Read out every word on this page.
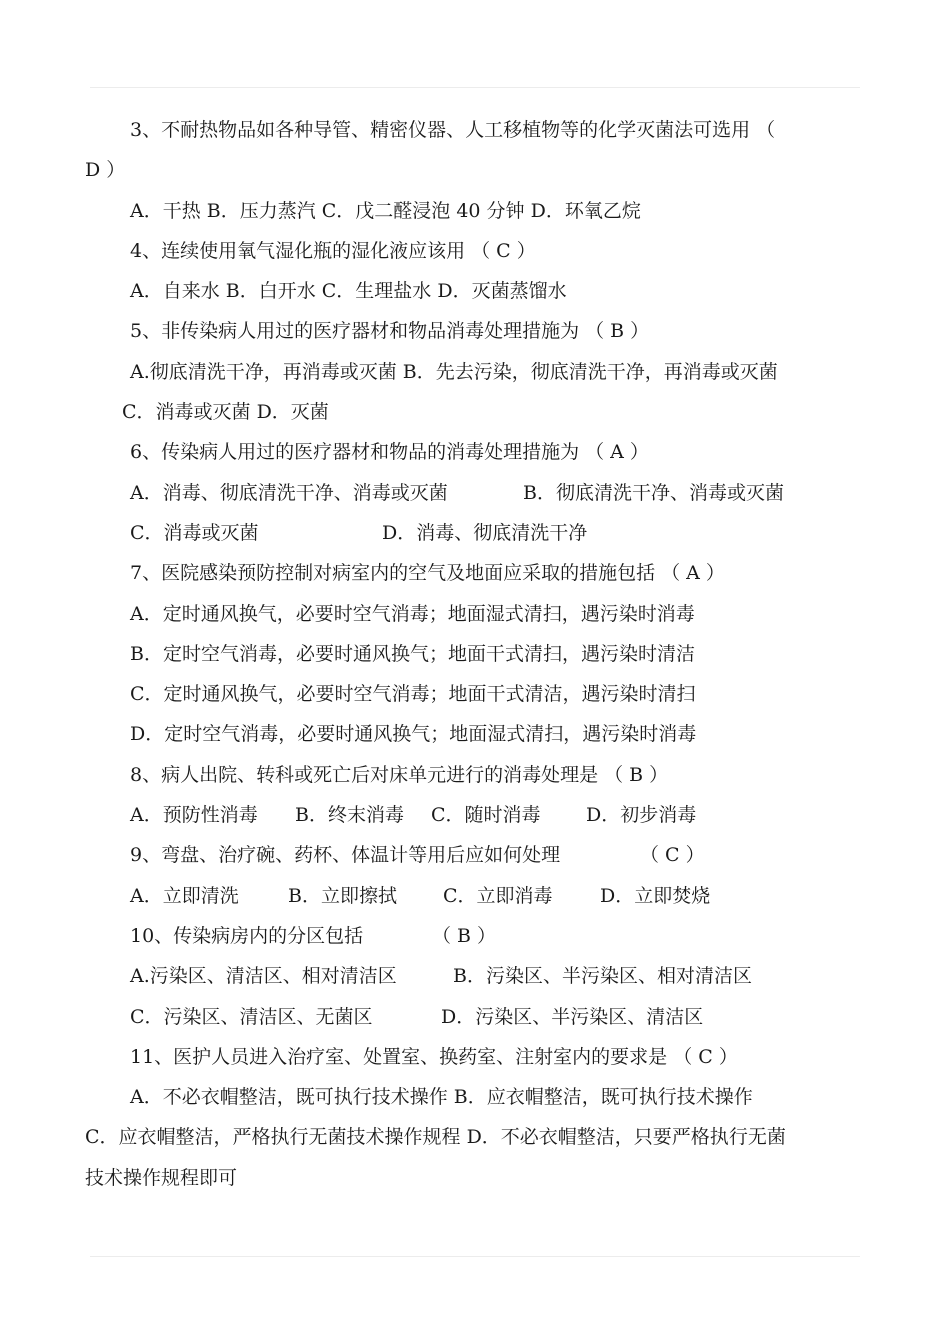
3、不耐热物品如各种导管、精密仪器、人工移植物等的化学灭菌法可选用 （
D ）
A．干热 B．压力蒸汽 C．戊二醛浸泡 40 分钟 D．环氧乙烷
4、连续使用氧气湿化瓶的湿化液应该用 （ C ）
A．自来水 B．白开水 C．生理盐水 D．灭菌蒸馏水
5、非传染病人用过的医疗器材和物品消毒处理措施为 （ B ）
A.彻底清洗干净，再消毒或灭菌 B．先去污染，彻底清洗干净，再消毒或灭菌
C．消毒或灭菌 D．灭菌
6、传染病人用过的医疗器材和物品的消毒处理措施为 （ A ）
A．消毒、彻底清洗干净、消毒或灭菌	B．彻底清洗干净、消毒或灭菌
C．消毒或灭菌	D．消毒、彻底清洗干净
7、医院感染预防控制对病室内的空气及地面应采取的措施包括 （ A ）
A．定时通风换气，必要时空气消毒；地面湿式清扫，遇污染时消毒
B．定时空气消毒，必要时通风换气；地面干式清扫，遇污染时清洁
C．定时通风换气，必要时空气消毒；地面干式清洁，遇污染时清扫
D．定时空气消毒，必要时通风换气；地面湿式清扫，遇污染时消毒
8、病人出院、转科或死亡后对床单元进行的消毒处理是 （ B ）
A．预防性消毒 B．终末消毒 C．随时消毒 D．初步消毒
9、弯盘、治疗碗、药杯、体温计等用后应如何处理	（ C ）
A．立即清洗	B．立即擦拭 C．立即消毒 D．立即焚烧
10、传染病房内的分区包括	（ B ）
A.污染区、清洁区、相对清洁区	B．污染区、半污染区、相对清洁区
C．污染区、清洁区、无菌区	D．污染区、半污染区、清洁区
11、医护人员进入治疗室、处置室、换药室、注射室内的要求是 （ C ）
A．不必衣帽整洁，既可执行技术操作 B．应衣帽整洁，既可执行技术操作
C．应衣帽整洁，严格执行无菌技术操作规程 D．不必衣帽整洁，只要严格执行无菌
技术操作规程即可
